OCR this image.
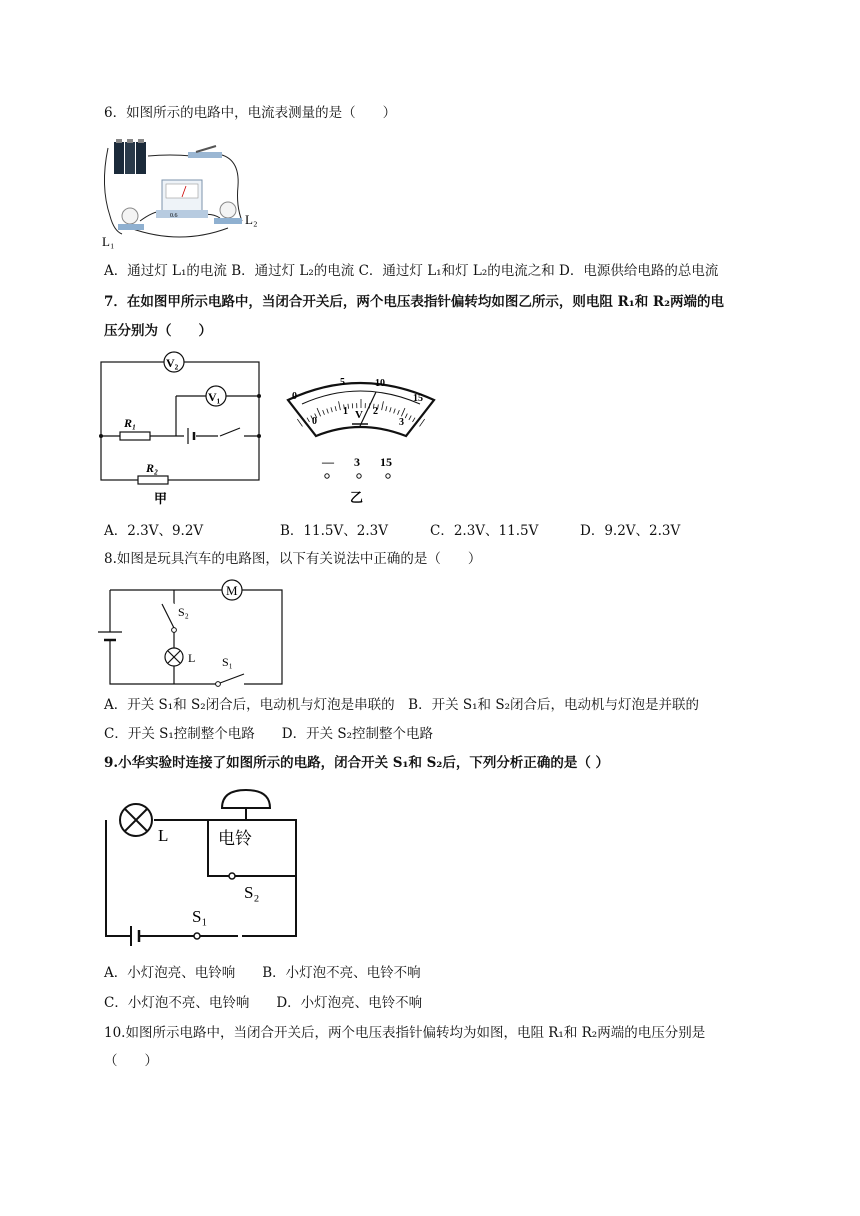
6．如图所示的电路中，电流表测量的是（　　）
0.6
L₁
L₂
A．通过灯 L₁的电流 B．通过灯 L₂的电流 C．通过灯 L₁和灯 L₂的电流之和 D．电源供给电路的总电流
7．在如图甲所示电路中，当闭合开关后，两个电压表指针偏转均如图乙所示，则电阻 R₁和 R₂两端的电
压分别为（　　）
V₂
V₁
R₁
R₂
甲
0
5	10
15
0
1	2
3
V
— 3 15
乙
A．2.3V、9.2V	B．11.5V、2.3V	C．2.3V、11.5V	D．9.2V、2.3V
8.如图是玩具汽车的电路图，以下有关说法中正确的是（　　）
M
S₂
L S₁
A．开关 S₁和 S₂闭合后，电动机与灯泡是串联的　B．开关 S₁和 S₂闭合后，电动机与灯泡是并联的
C．开关 S₁控制整个电路　　D．开关 S₂控制整个电路
9.小华实验时连接了如图所示的电路，闭合开关 S₁和 S₂后，下列分析正确的是（ ）
L	电铃
S₂
S₁
A．小灯泡亮、电铃响　　B．小灯泡不亮、电铃不响
C．小灯泡不亮、电铃响　　D．小灯泡亮、电铃不响
10.如图所示电路中，当闭合开关后，两个电压表指针偏转均为如图，电阻 R₁和 R₂两端的电压分别是
（　　）
